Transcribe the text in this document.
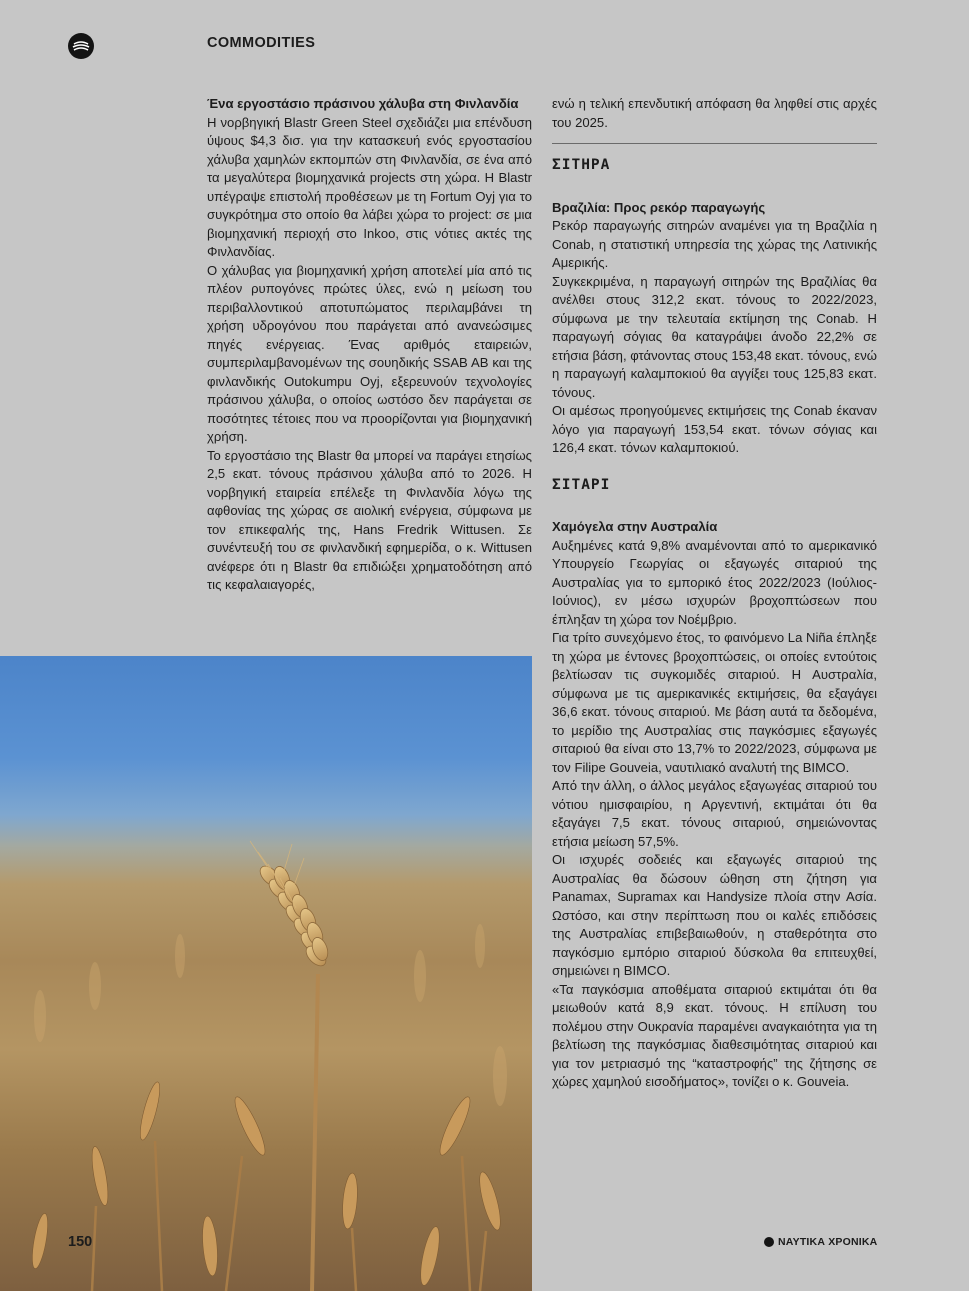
COMMODITIES

Ένα εργοστάσιο πράσινου χάλυβα στη Φινλανδία

Η νορβηγική Blastr Green Steel σχεδιάζει μια επένδυση ύψους $4,3 δισ. για την κατασκευή ενός εργοστασίου χάλυβα χαμηλών εκπομπών στη Φινλανδία, σε ένα από τα μεγαλύτερα βιομηχανικά projects στη χώρα. Η Blastr υπέγραψε επιστολή προθέσεων με τη Fortum Oyj για το συγκρότημα στο οποίο θα λάβει χώρα το project: σε μια βιομηχανική περιοχή στο Inkoo, στις νότιες ακτές της Φινλανδίας.

Ο χάλυβας για βιομηχανική χρήση αποτελεί μία από τις πλέον ρυπογόνες πρώτες ύλες, ενώ η μείωση του περιβαλλοντικού αποτυπώματος περιλαμβάνει τη χρήση υδρογόνου που παράγεται από ανανεώσιμες πηγές ενέργειας. Ένας αριθμός εταιρειών, συμπεριλαμβανομένων της σουηδικής SSAB AB και της φινλανδικής Outokumpu Oyj, εξερευνούν τεχνολογίες πράσινου χάλυβα, ο οποίος ωστόσο δεν παράγεται σε ποσότητες τέτοιες που να προορίζονται για βιομηχανική χρήση.

Το εργοστάσιο της Blastr θα μπορεί να παράγει ετησίως 2,5 εκατ. τόνους πράσινου χάλυβα από το 2026. Η νορβηγική εταιρεία επέλεξε τη Φινλανδία λόγω της αφθονίας της χώρας σε αιολική ενέργεια, σύμφωνα με τον επικεφαλής της, Hans Fredrik Wittusen. Σε συνέντευξή του σε φινλανδική εφημερίδα, ο κ. Wittusen ανέφερε ότι η Blastr θα επιδιώξει χρηματοδότηση από τις κεφαλαιαγορές,

ενώ η τελική επενδυτική απόφαση θα ληφθεί στις αρχές του 2025.

ΣΙΤΗΡΑ

Βραζιλία: Προς ρεκόρ παραγωγής

Ρεκόρ παραγωγής σιτηρών αναμένει για τη Βραζιλία η Conab, η στατιστική υπηρεσία της χώρας της Λατινικής Αμερικής.

Συγκεκριμένα, η παραγωγή σιτηρών της Βραζιλίας θα ανέλθει στους 312,2 εκατ. τόνους το 2022/2023, σύμφωνα με την τελευταία εκτίμηση της Conab. Η παραγωγή σόγιας θα καταγράψει άνοδο 22,2% σε ετήσια βάση, φτάνοντας στους 153,48 εκατ. τόνους, ενώ η παραγωγή καλαμποκιού θα αγγίξει τους 125,83 εκατ. τόνους.

Οι αμέσως προηγούμενες εκτιμήσεις της Conab έκαναν λόγο για παραγωγή 153,54 εκατ. τόνων σόγιας και 126,4 εκατ. τόνων καλαμποκιού.

ΣΙΤΑΡΙ

Χαμόγελα στην Αυστραλία

Αυξημένες κατά 9,8% αναμένονται από το αμερικανικό Υπουργείο Γεωργίας οι εξαγωγές σιταριού της Αυστραλίας για το εμπορικό έτος 2022/2023 (Ιούλιος-Ιούνιος), εν μέσω ισχυρών βροχοπτώσεων που έπληξαν τη χώρα τον Νοέμβριο.

Για τρίτο συνεχόμενο έτος, το φαινόμενο La Niña έπληξε τη χώρα με έντονες βροχοπτώσεις, οι οποίες εντούτοις βελτίωσαν τις συγκομιδές σιταριού. Η Αυστραλία, σύμφωνα με τις αμερικανικές εκτιμήσεις, θα εξαγάγει 36,6 εκατ. τόνους σιταριού. Με βάση αυτά τα δεδομένα, το μερίδιο της Αυστραλίας στις παγκόσμιες εξαγωγές σιταριού θα είναι στο 13,7% το 2022/2023, σύμφωνα με τον Filipe Gouveia, ναυτιλιακό αναλυτή της BIMCO.

Από την άλλη, ο άλλος μεγάλος εξαγωγέας σιταριού του νότιου ημισφαιρίου, η Αργεντινή, εκτιμάται ότι θα εξαγάγει 7,5 εκατ. τόνους σιταριού, σημειώνοντας ετήσια μείωση 57,5%.

Οι ισχυρές σοδειές και εξαγωγές σιταριού της Αυστραλίας θα δώσουν ώθηση στη ζήτηση για Panamax, Supramax και Handysize πλοία στην Ασία. Ωστόσο, και στην περίπτωση που οι καλές επιδόσεις της Αυστραλίας επιβεβαιωθούν, η σταθερότητα στο παγκόσμιο εμπόριο σιταριού δύσκολα θα επιτευχθεί, σημειώνει η BIMCO.

«Τα παγκόσμια αποθέματα σιταριού εκτιμάται ότι θα μειωθούν κατά 8,9 εκατ. τόνους. Η επίλυση του πολέμου στην Ουκρανία παραμένει αναγκαιότητα για τη βελτίωση της παγκόσμιας διαθεσιμότητας σιταριού και για τον μετριασμό της “καταστροφής” της ζήτησης σε χώρες χαμηλού εισοδήματος», τονίζει ο κ. Gouveia.

150	ΝΑΥΤΙΚΑ ΧΡΟΝΙΚΑ
